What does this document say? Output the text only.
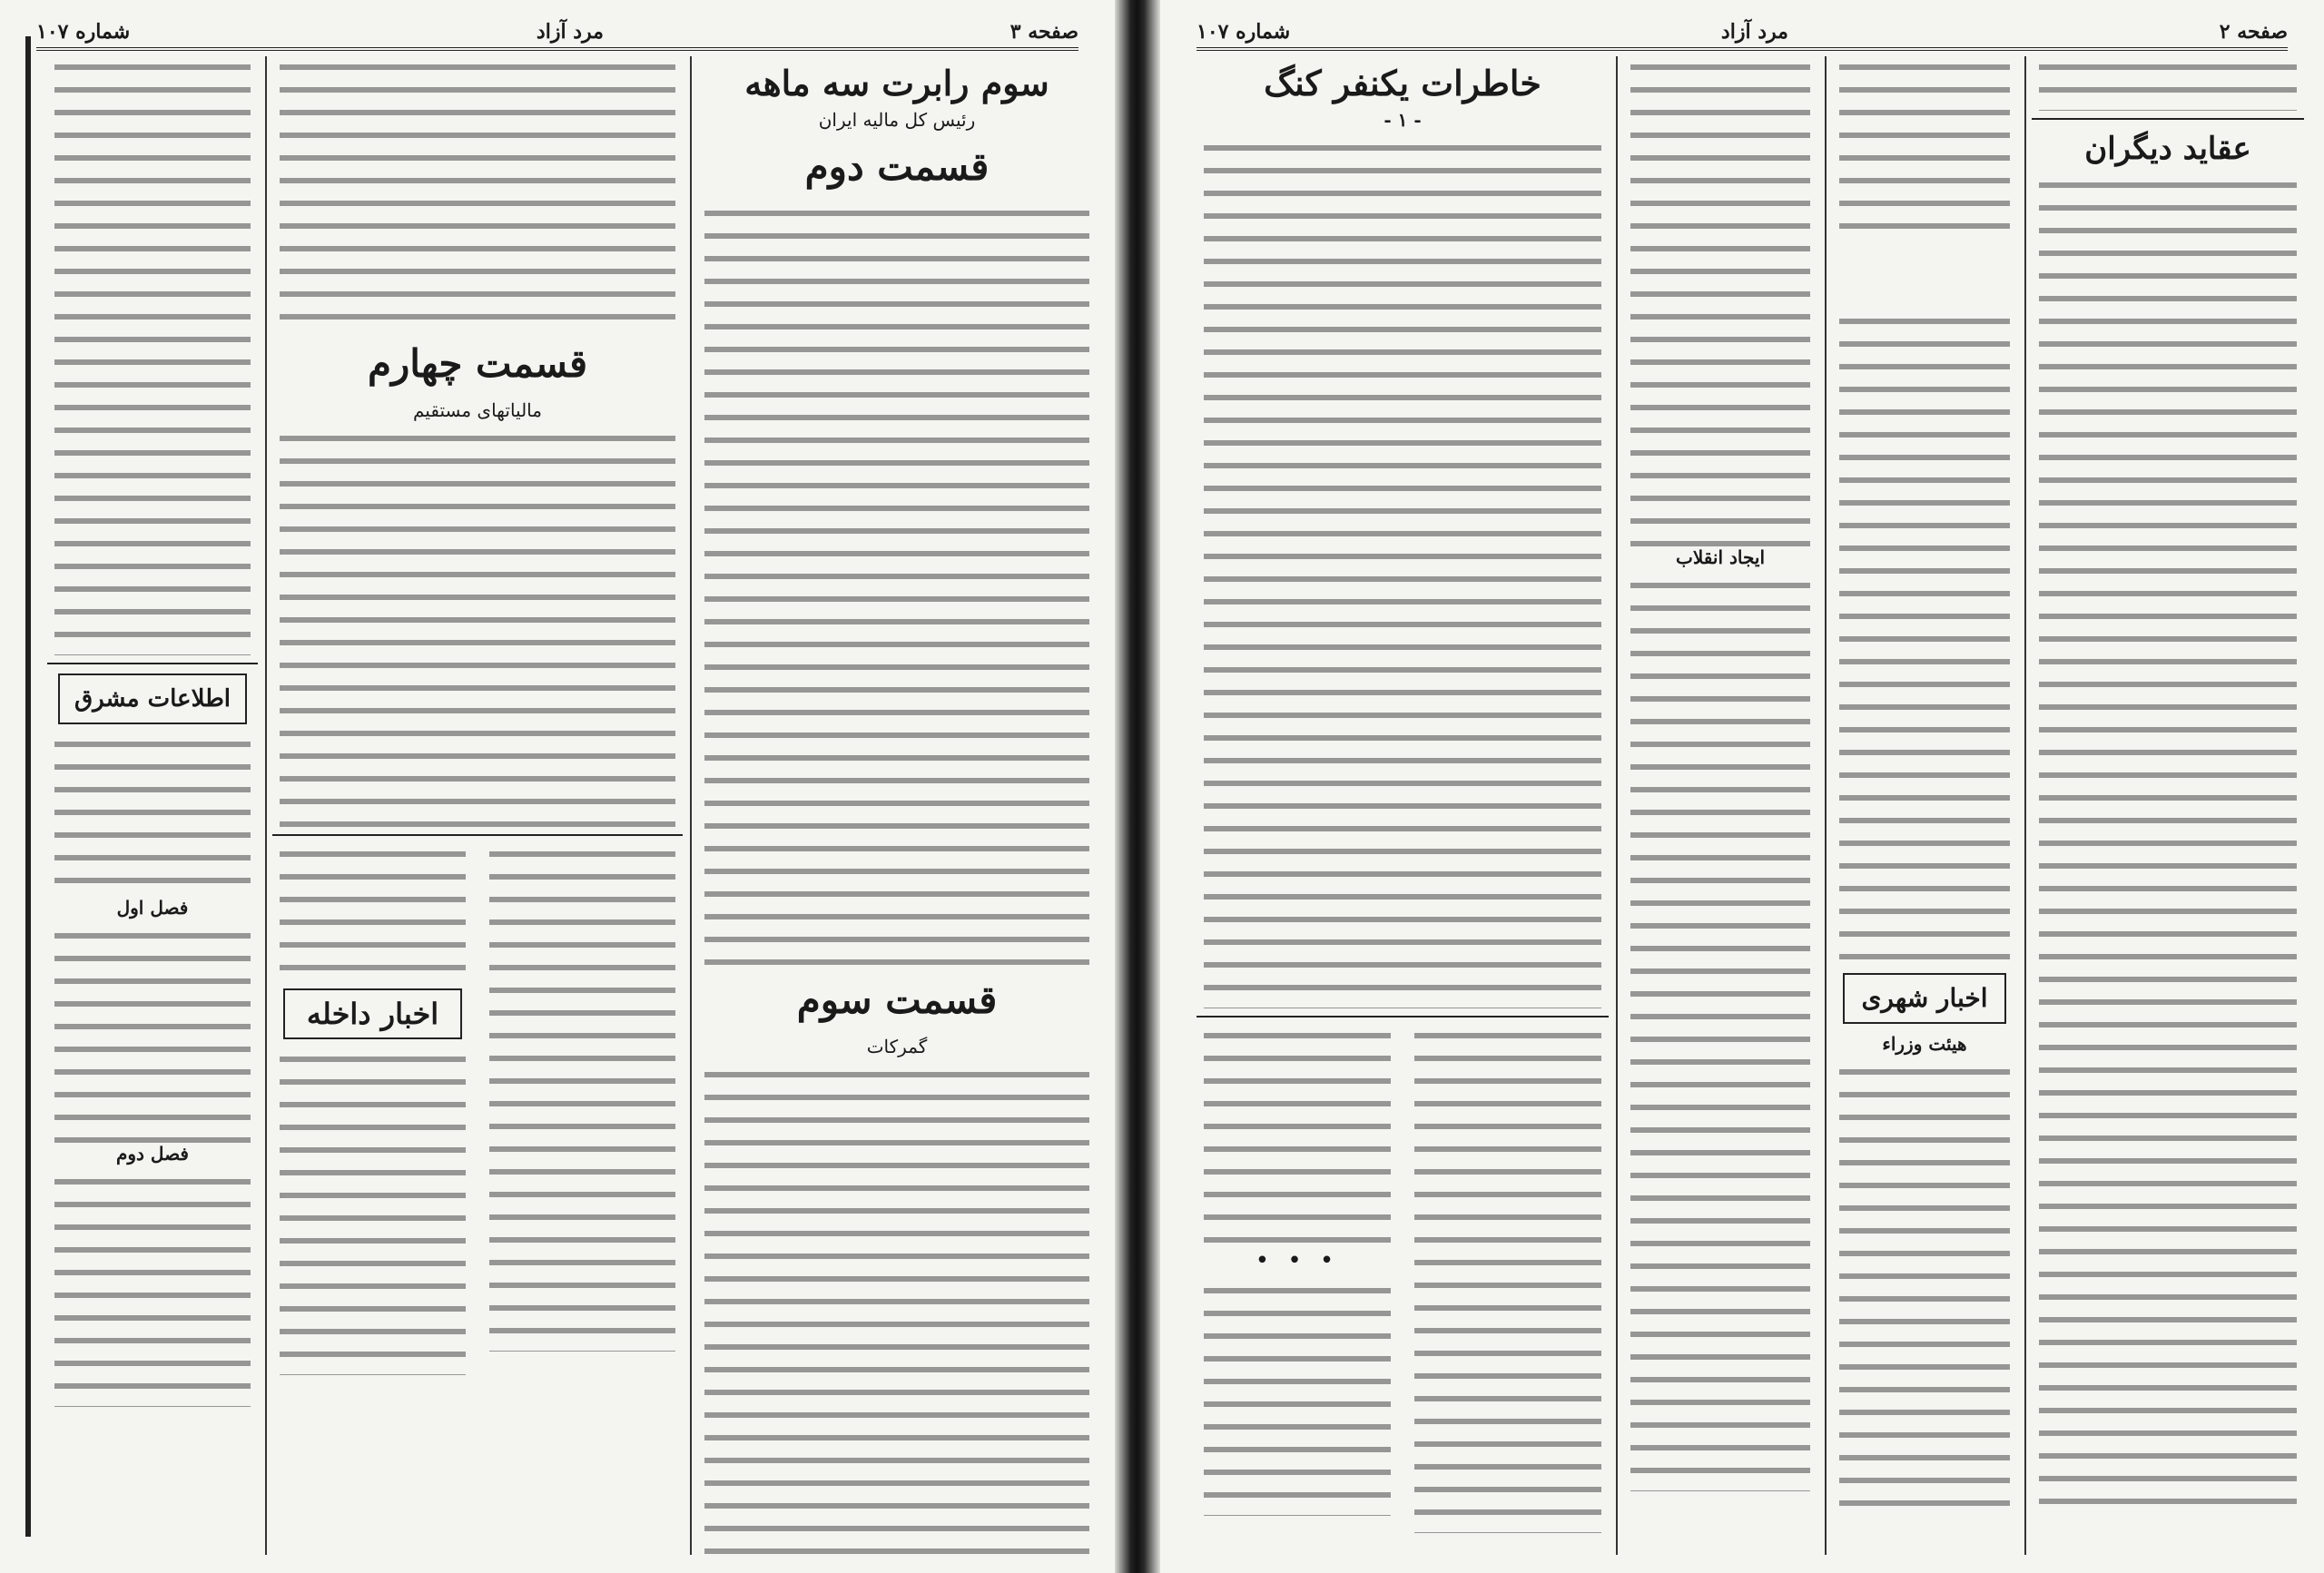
صفحه ۳
مرد آزاد
شماره ۱۰۷
سوم رابرت سه ماهه
رئیس کل مالیه ایران
قسمت دوم
قسمت سوم
گمرکات
قسمت چهارم
مالیاتهای مستقیم
اخبار داخله
اطلاعات مشرق
فصل اول
فصل دوم
صفحه ۲
مرد آزاد
شماره ۱۰۷
عقاید دیگران
اخبار شهری
هیئت وزراء
ایجاد انقلاب
خاطرات یکنفر کنگ
- ۱ -
• • •
